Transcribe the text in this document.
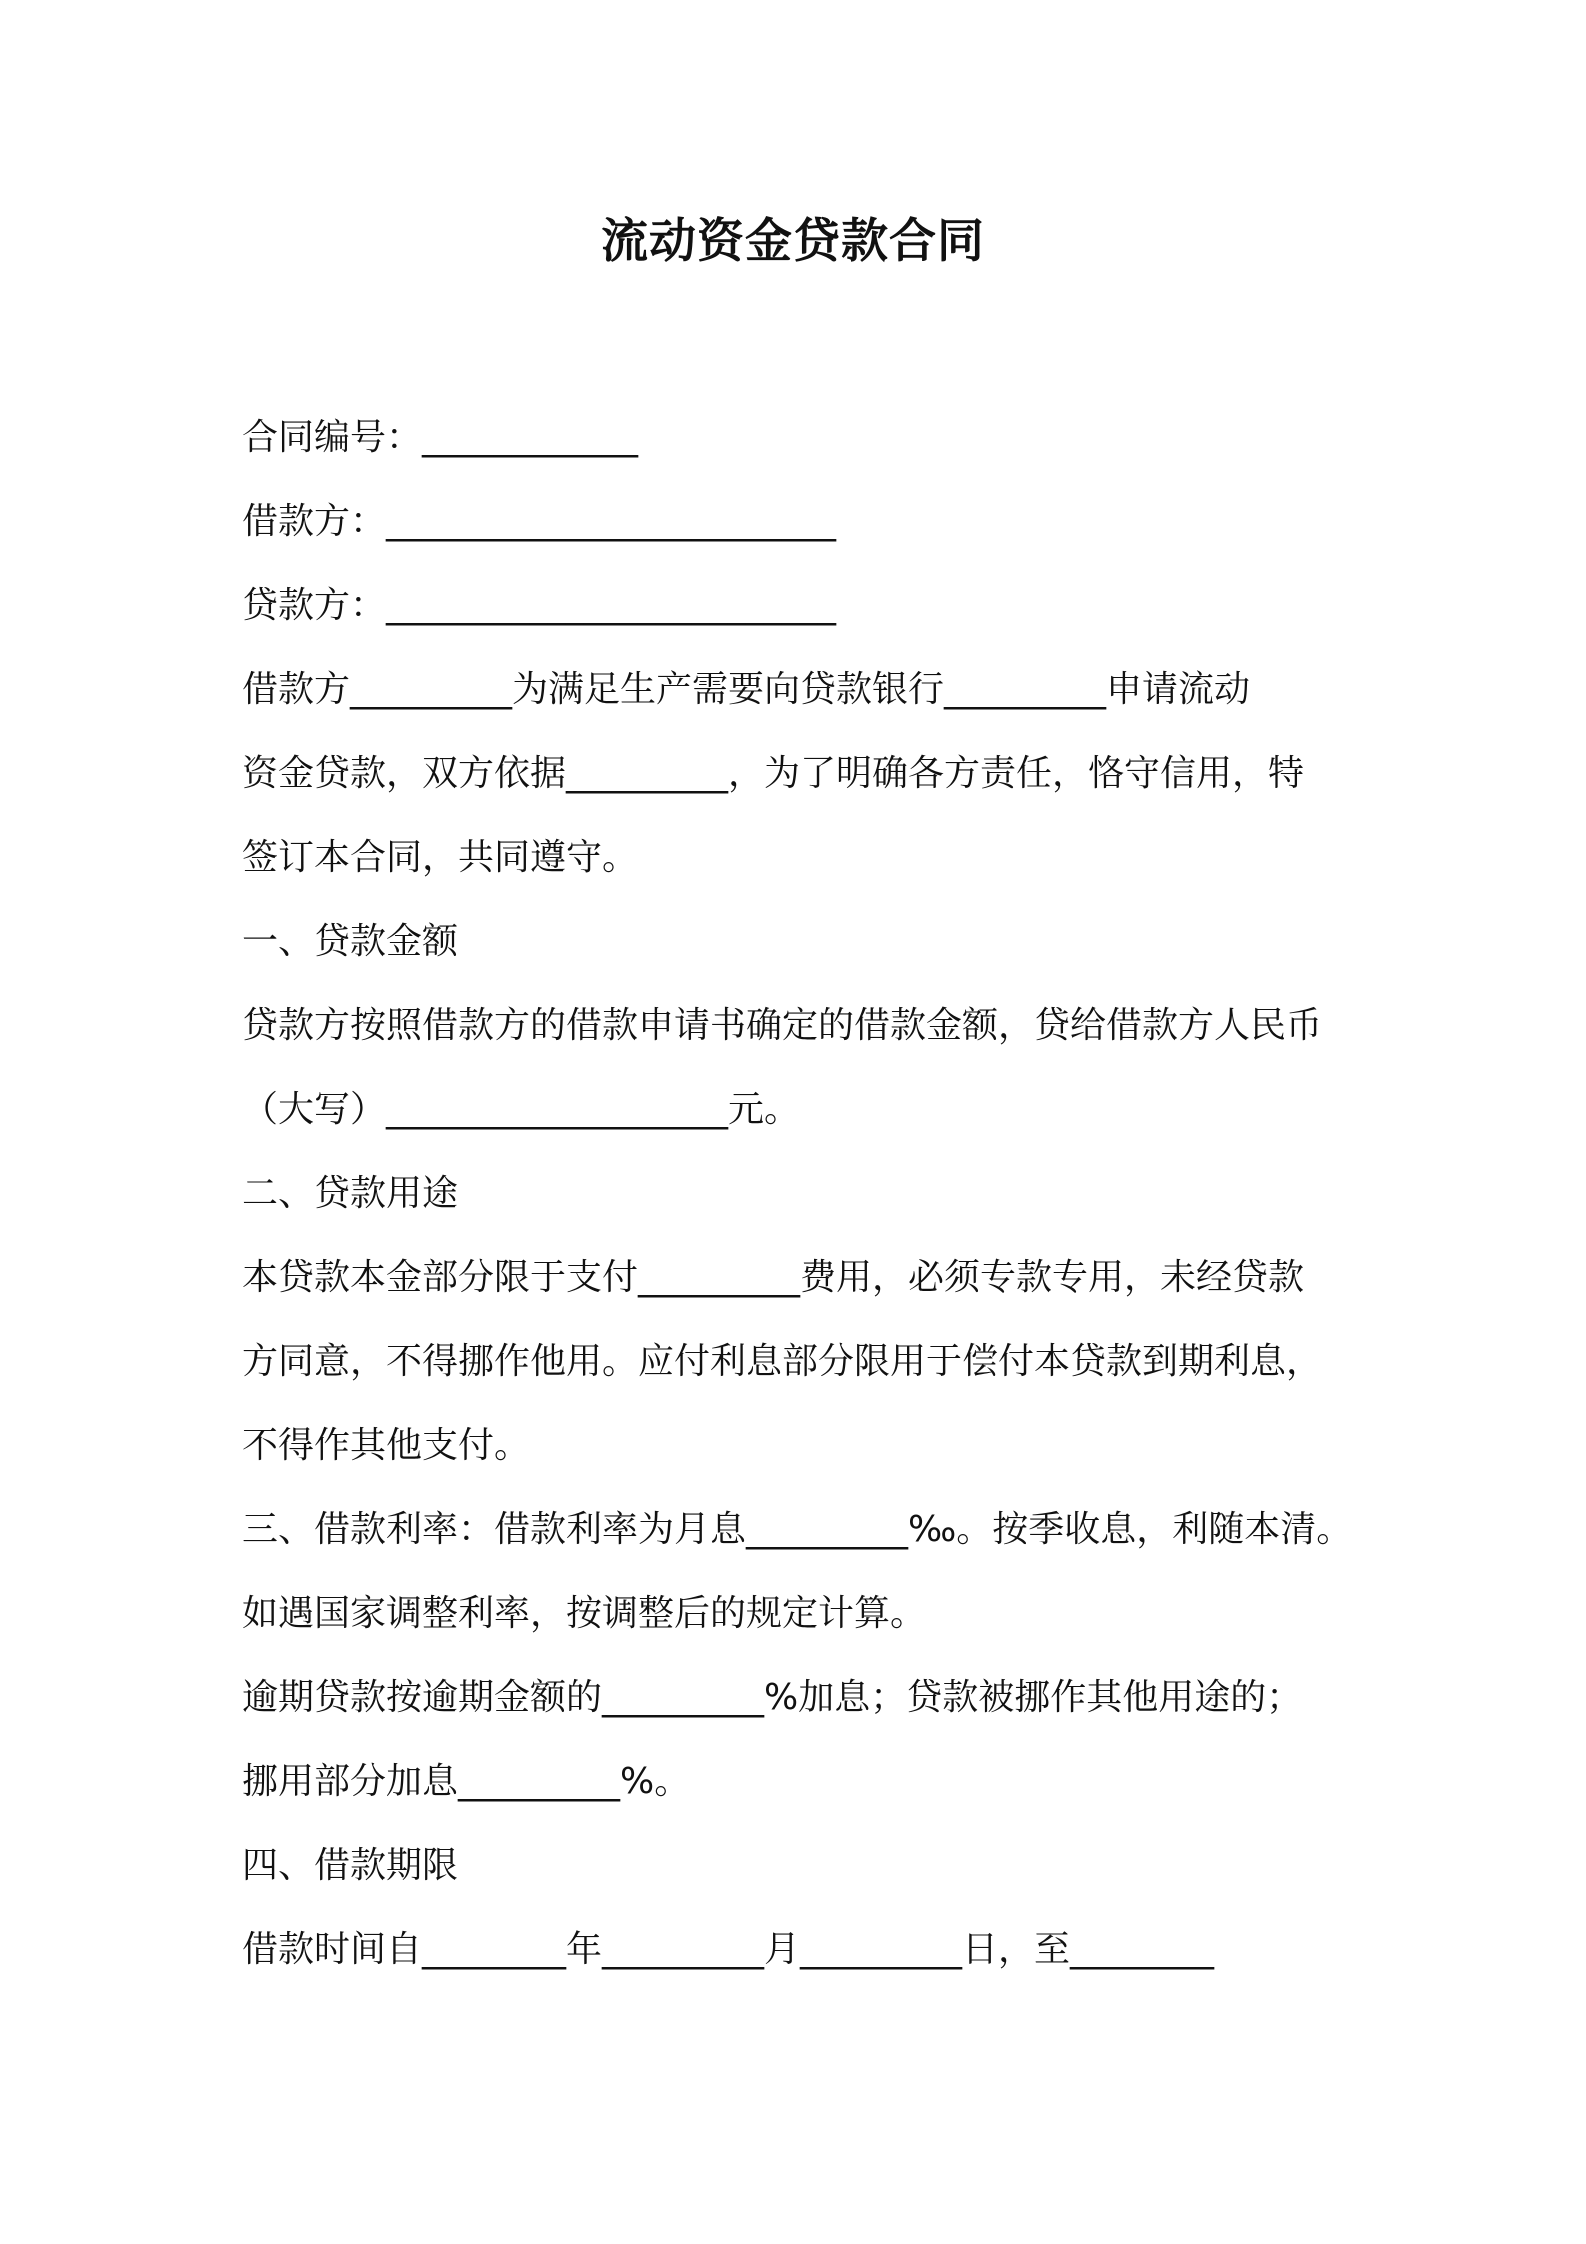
流动资金贷款合同
合同编号：____________
借款方：_________________________
贷款方：_________________________
借款方_________为满足生产需要向贷款银行_________申请流动
资金贷款，双方依据_________，为了明确各方责任，恪守信用，特
签订本合同，共同遵守。
一、贷款金额
贷款方按照借款方的借款申请书确定的借款金额，贷给借款方人民币
（大写）___________________元。
二、贷款用途
本贷款本金部分限于支付_________费用，必须专款专用，未经贷款
方同意，不得挪作他用。应付利息部分限用于偿付本贷款到期利息，
不得作其他支付。
三、借款利率：借款利率为月息_________‰。按季收息，利随本清。
如遇国家调整利率，按调整后的规定计算。
逾期贷款按逾期金额的_________%加息；贷款被挪作其他用途的；
挪用部分加息_________%。
四、借款期限
借款时间自________年_________月_________日，至________
